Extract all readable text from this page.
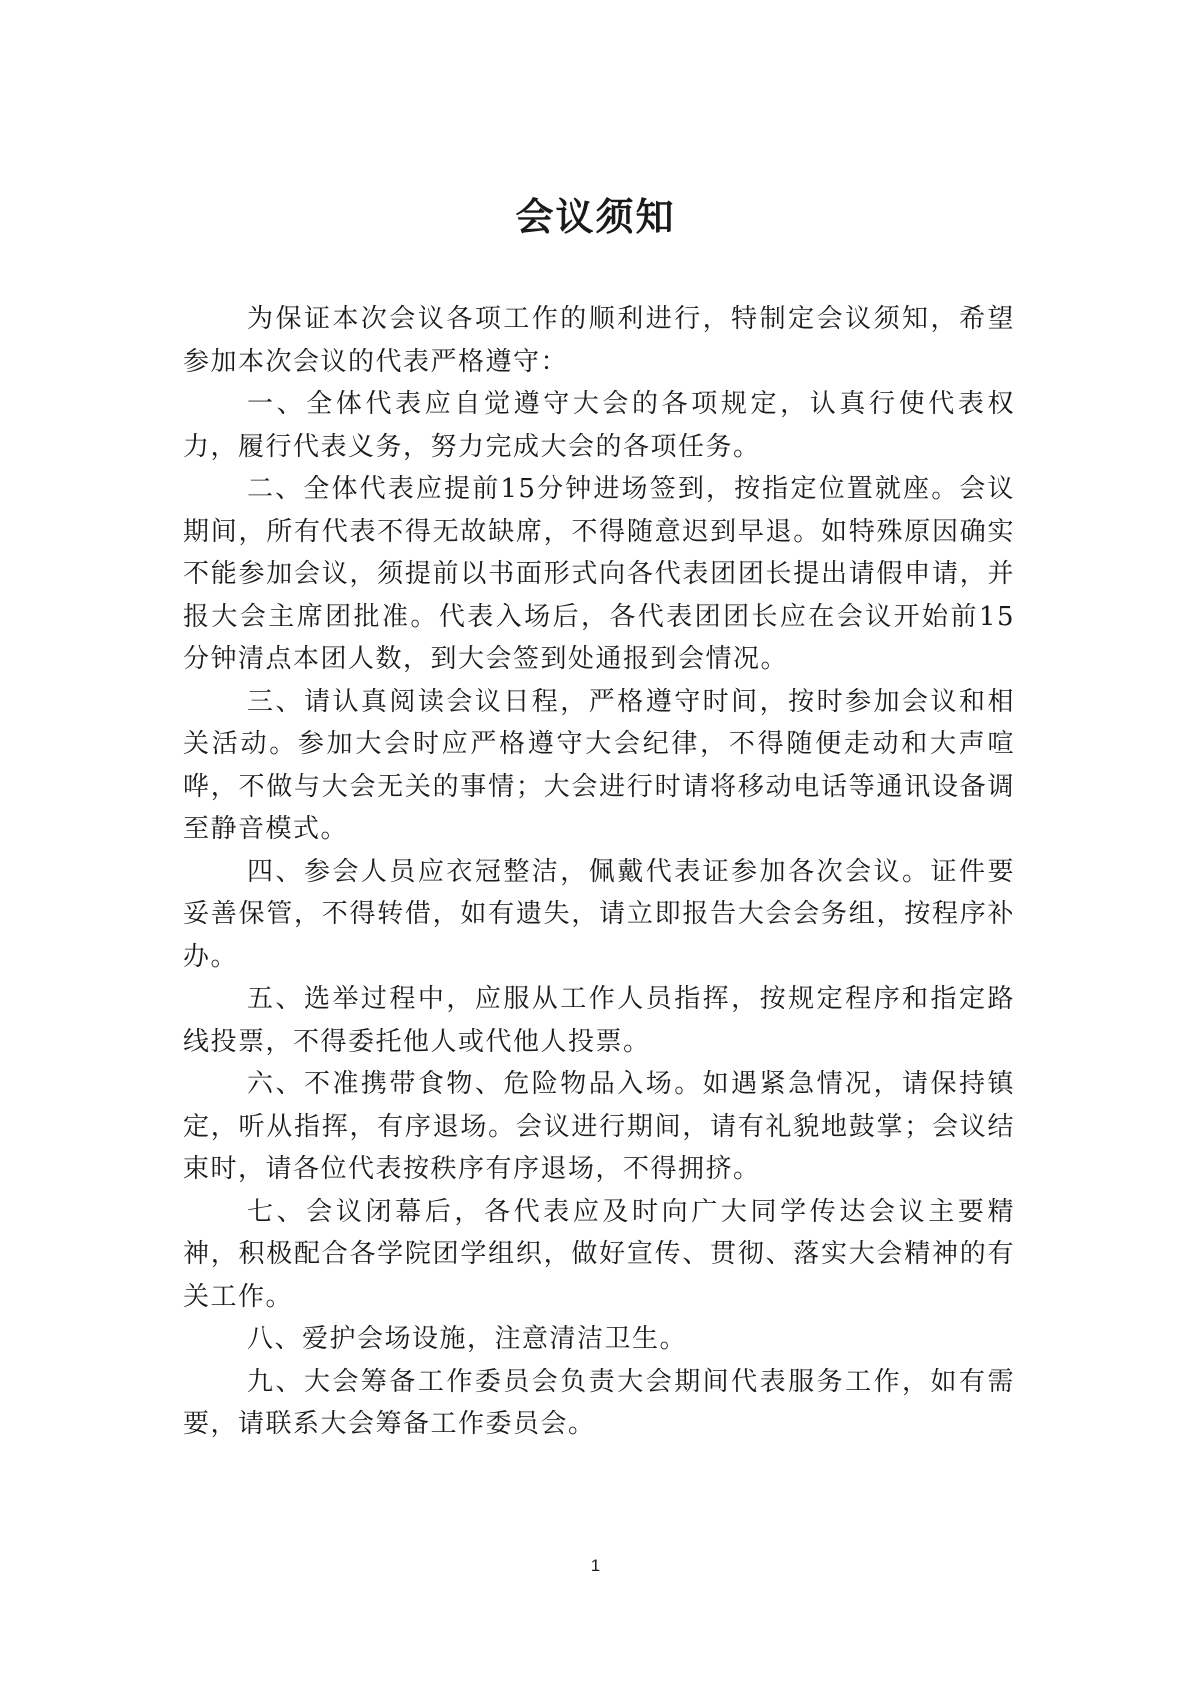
会议须知

为保证本次会议各项工作的顺利进行，特制定会议须知，希望参加本次会议的代表严格遵守：

一、全体代表应自觉遵守大会的各项规定，认真行使代表权力，履行代表义务，努力完成大会的各项任务。

二、全体代表应提前15分钟进场签到，按指定位置就座。会议期间，所有代表不得无故缺席，不得随意迟到早退。如特殊原因确实不能参加会议，须提前以书面形式向各代表团团长提出请假申请，并报大会主席团批准。代表入场后，各代表团团长应在会议开始前15分钟清点本团人数，到大会签到处通报到会情况。

三、请认真阅读会议日程，严格遵守时间，按时参加会议和相关活动。参加大会时应严格遵守大会纪律，不得随便走动和大声喧哗，不做与大会无关的事情；大会进行时请将移动电话等通讯设备调至静音模式。

四、参会人员应衣冠整洁，佩戴代表证参加各次会议。证件要妥善保管，不得转借，如有遗失，请立即报告大会会务组，按程序补办。

五、选举过程中，应服从工作人员指挥，按规定程序和指定路线投票，不得委托他人或代他人投票。

六、不准携带食物、危险物品入场。如遇紧急情况，请保持镇定，听从指挥，有序退场。会议进行期间，请有礼貌地鼓掌；会议结束时，请各位代表按秩序有序退场，不得拥挤。

七、会议闭幕后，各代表应及时向广大同学传达会议主要精神，积极配合各学院团学组织，做好宣传、贯彻、落实大会精神的有关工作。

八、爱护会场设施，注意清洁卫生。

九、大会筹备工作委员会负责大会期间代表服务工作，如有需要，请联系大会筹备工作委员会。

1
